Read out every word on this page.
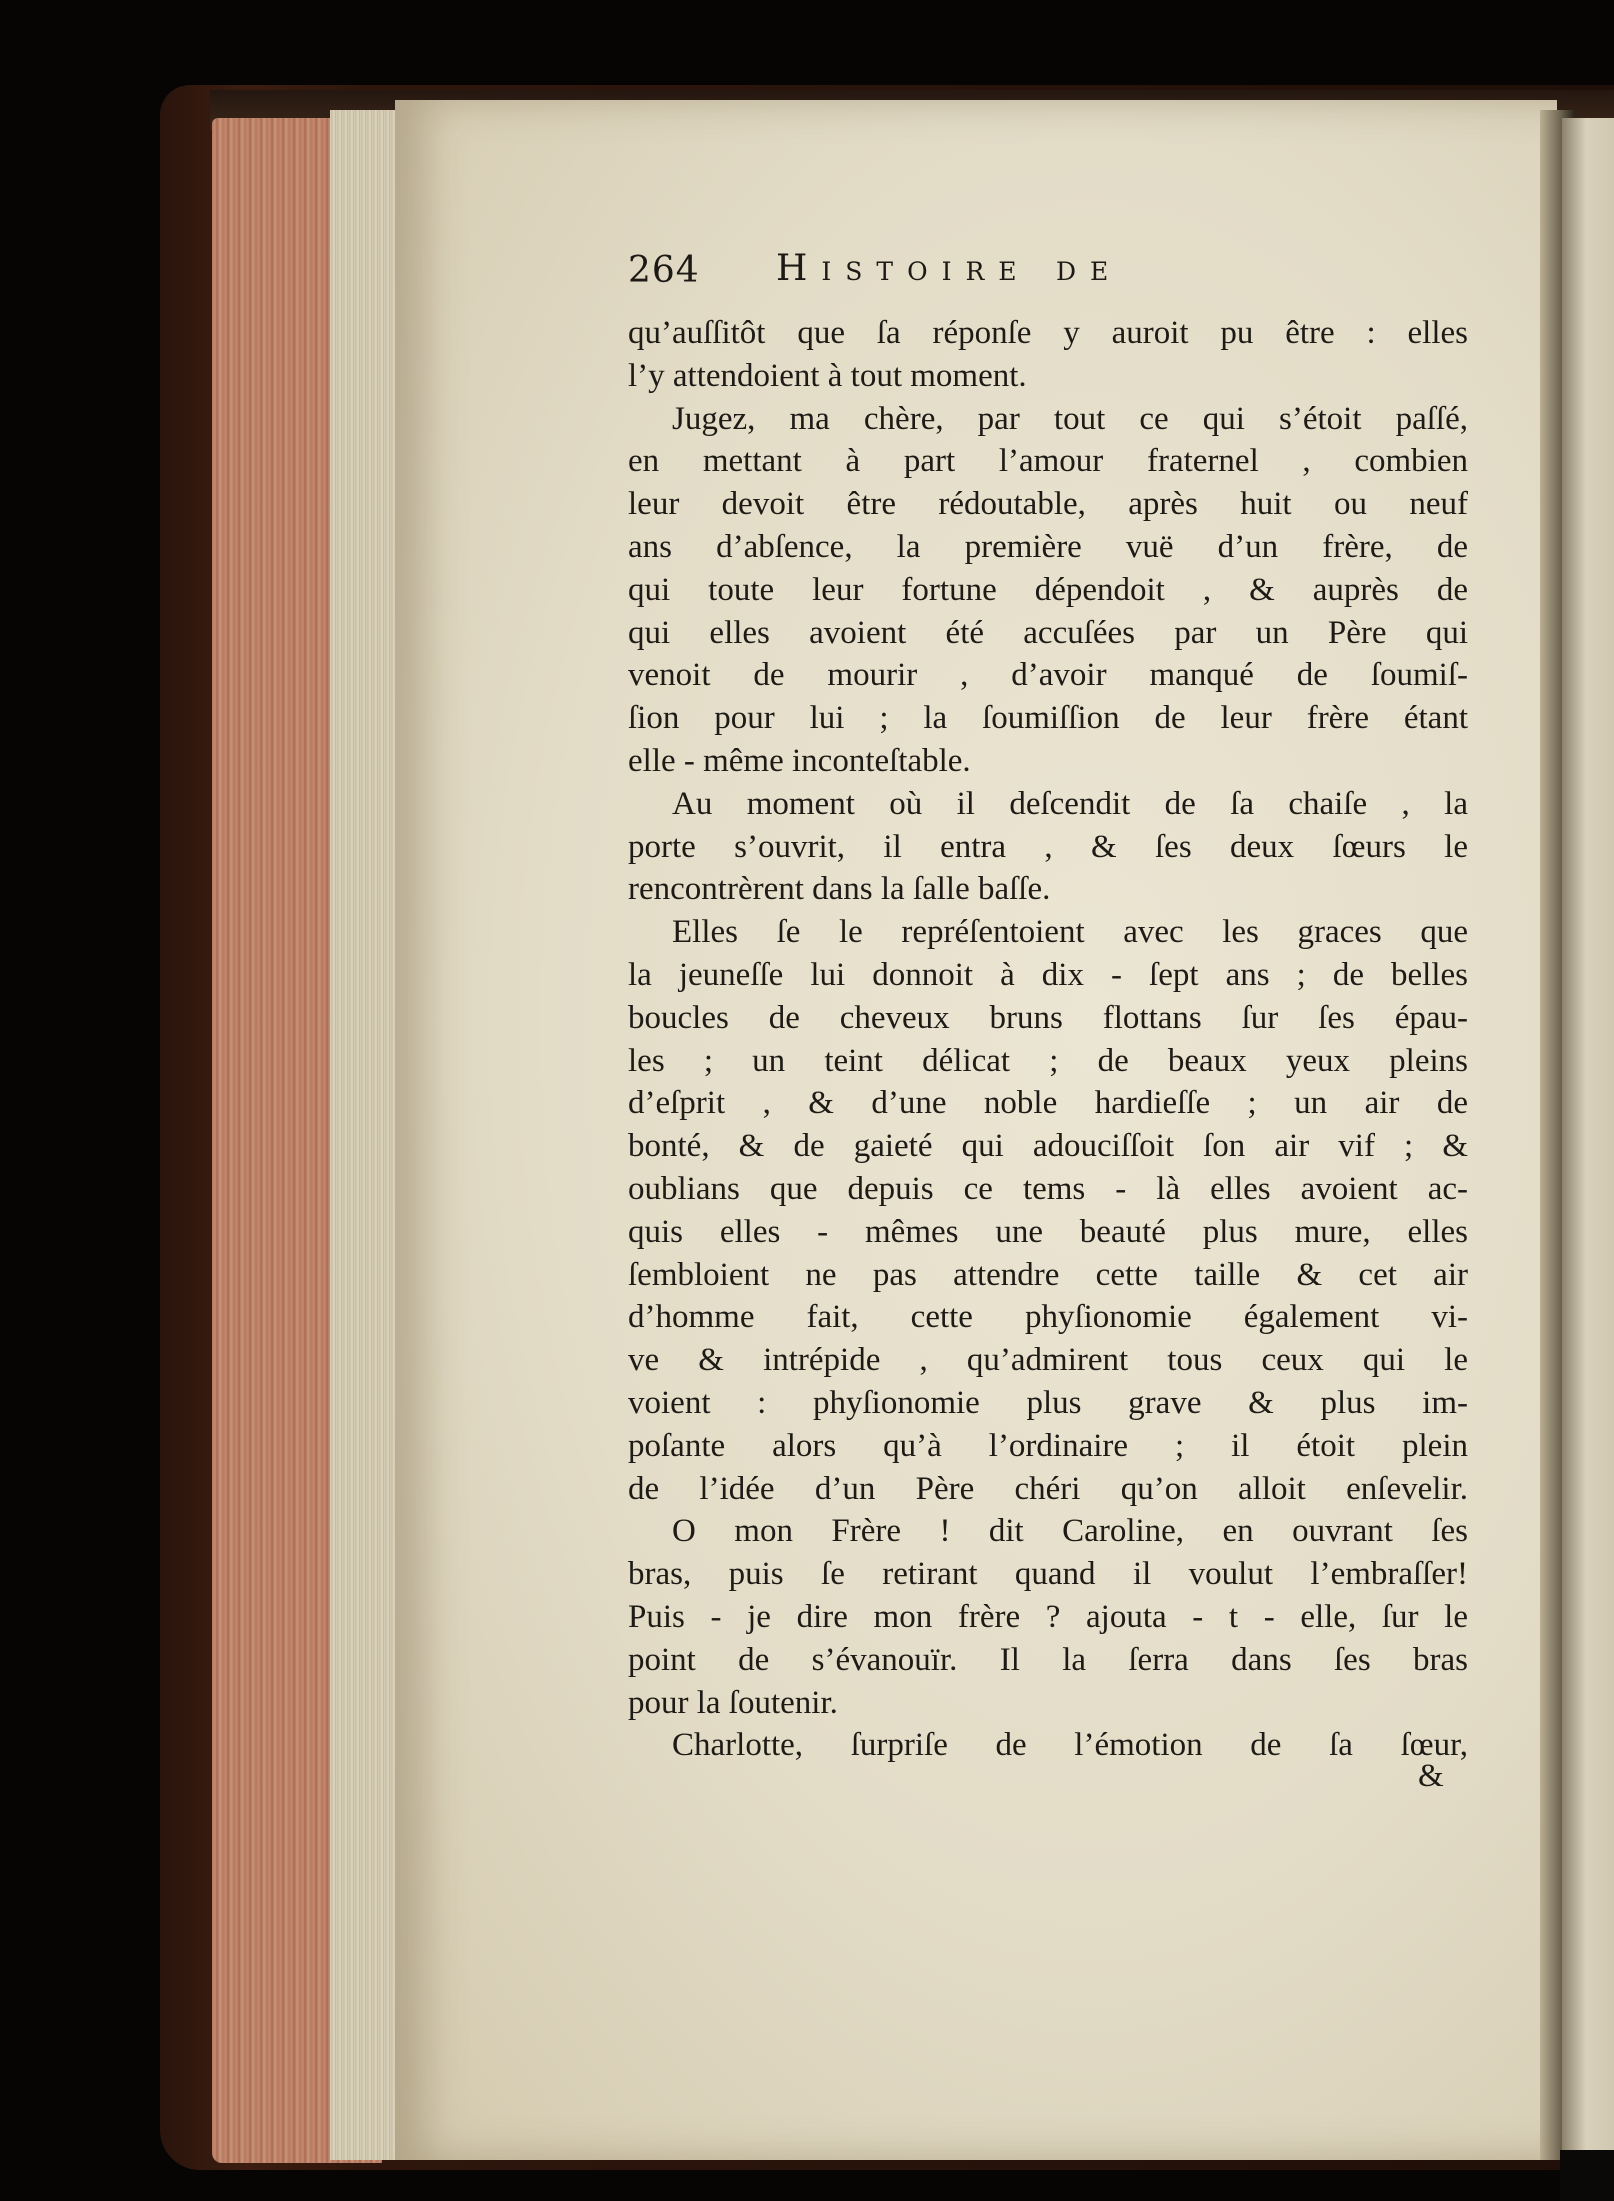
264 Histoire de
qu’auſſitôt que ſa réponſe y auroit pu être : elles
l’y attendoient à tout moment.
Jugez, ma chère, par tout ce qui s’étoit paſſé,
en mettant à part l’amour fraternel , combien
leur devoit être rédoutable, après huit ou neuf
ans d’abſence, la première vuë d’un frère, de
qui toute leur fortune dépendoit , & auprès de
qui elles avoient été accuſées par un Père qui
venoit de mourir , d’avoir manqué de ſoumiſ-
ſion pour lui ; la ſoumiſſion de leur frère étant
elle - même inconteſtable.
Au moment où il deſcendit de ſa chaiſe , la
porte s’ouvrit, il entra , & ſes deux ſœurs le
rencontrèrent dans la ſalle baſſe.
Elles ſe le repréſentoient avec les graces que
la jeuneſſe lui donnoit à dix - ſept ans ; de belles
boucles de cheveux bruns flottans ſur ſes épau-
les ; un teint délicat ; de beaux yeux pleins
d’eſprit , & d’une noble hardieſſe ; un air de
bonté, & de gaieté qui adouciſſoit ſon air vif ; &
oublians que depuis ce tems - là elles avoient ac-
quis elles - mêmes une beauté plus mure, elles
ſembloient ne pas attendre cette taille & cet air
d’homme fait, cette phyſionomie également vi-
ve & intrépide , qu’admirent tous ceux qui le
voient : phyſionomie plus grave & plus im-
poſante alors qu’à l’ordinaire ; il étoit plein
de l’idée d’un Père chéri qu’on alloit enſevelir.
O mon Frère ! dit Caroline, en ouvrant ſes
bras, puis ſe retirant quand il voulut l’embraſſer!
Puis - je dire mon frère ? ajouta - t - elle, ſur le
point de s’évanouïr. Il la ſerra dans ſes bras
pour la ſoutenir.
Charlotte, ſurpriſe de l’émotion de ſa ſœur,
&
